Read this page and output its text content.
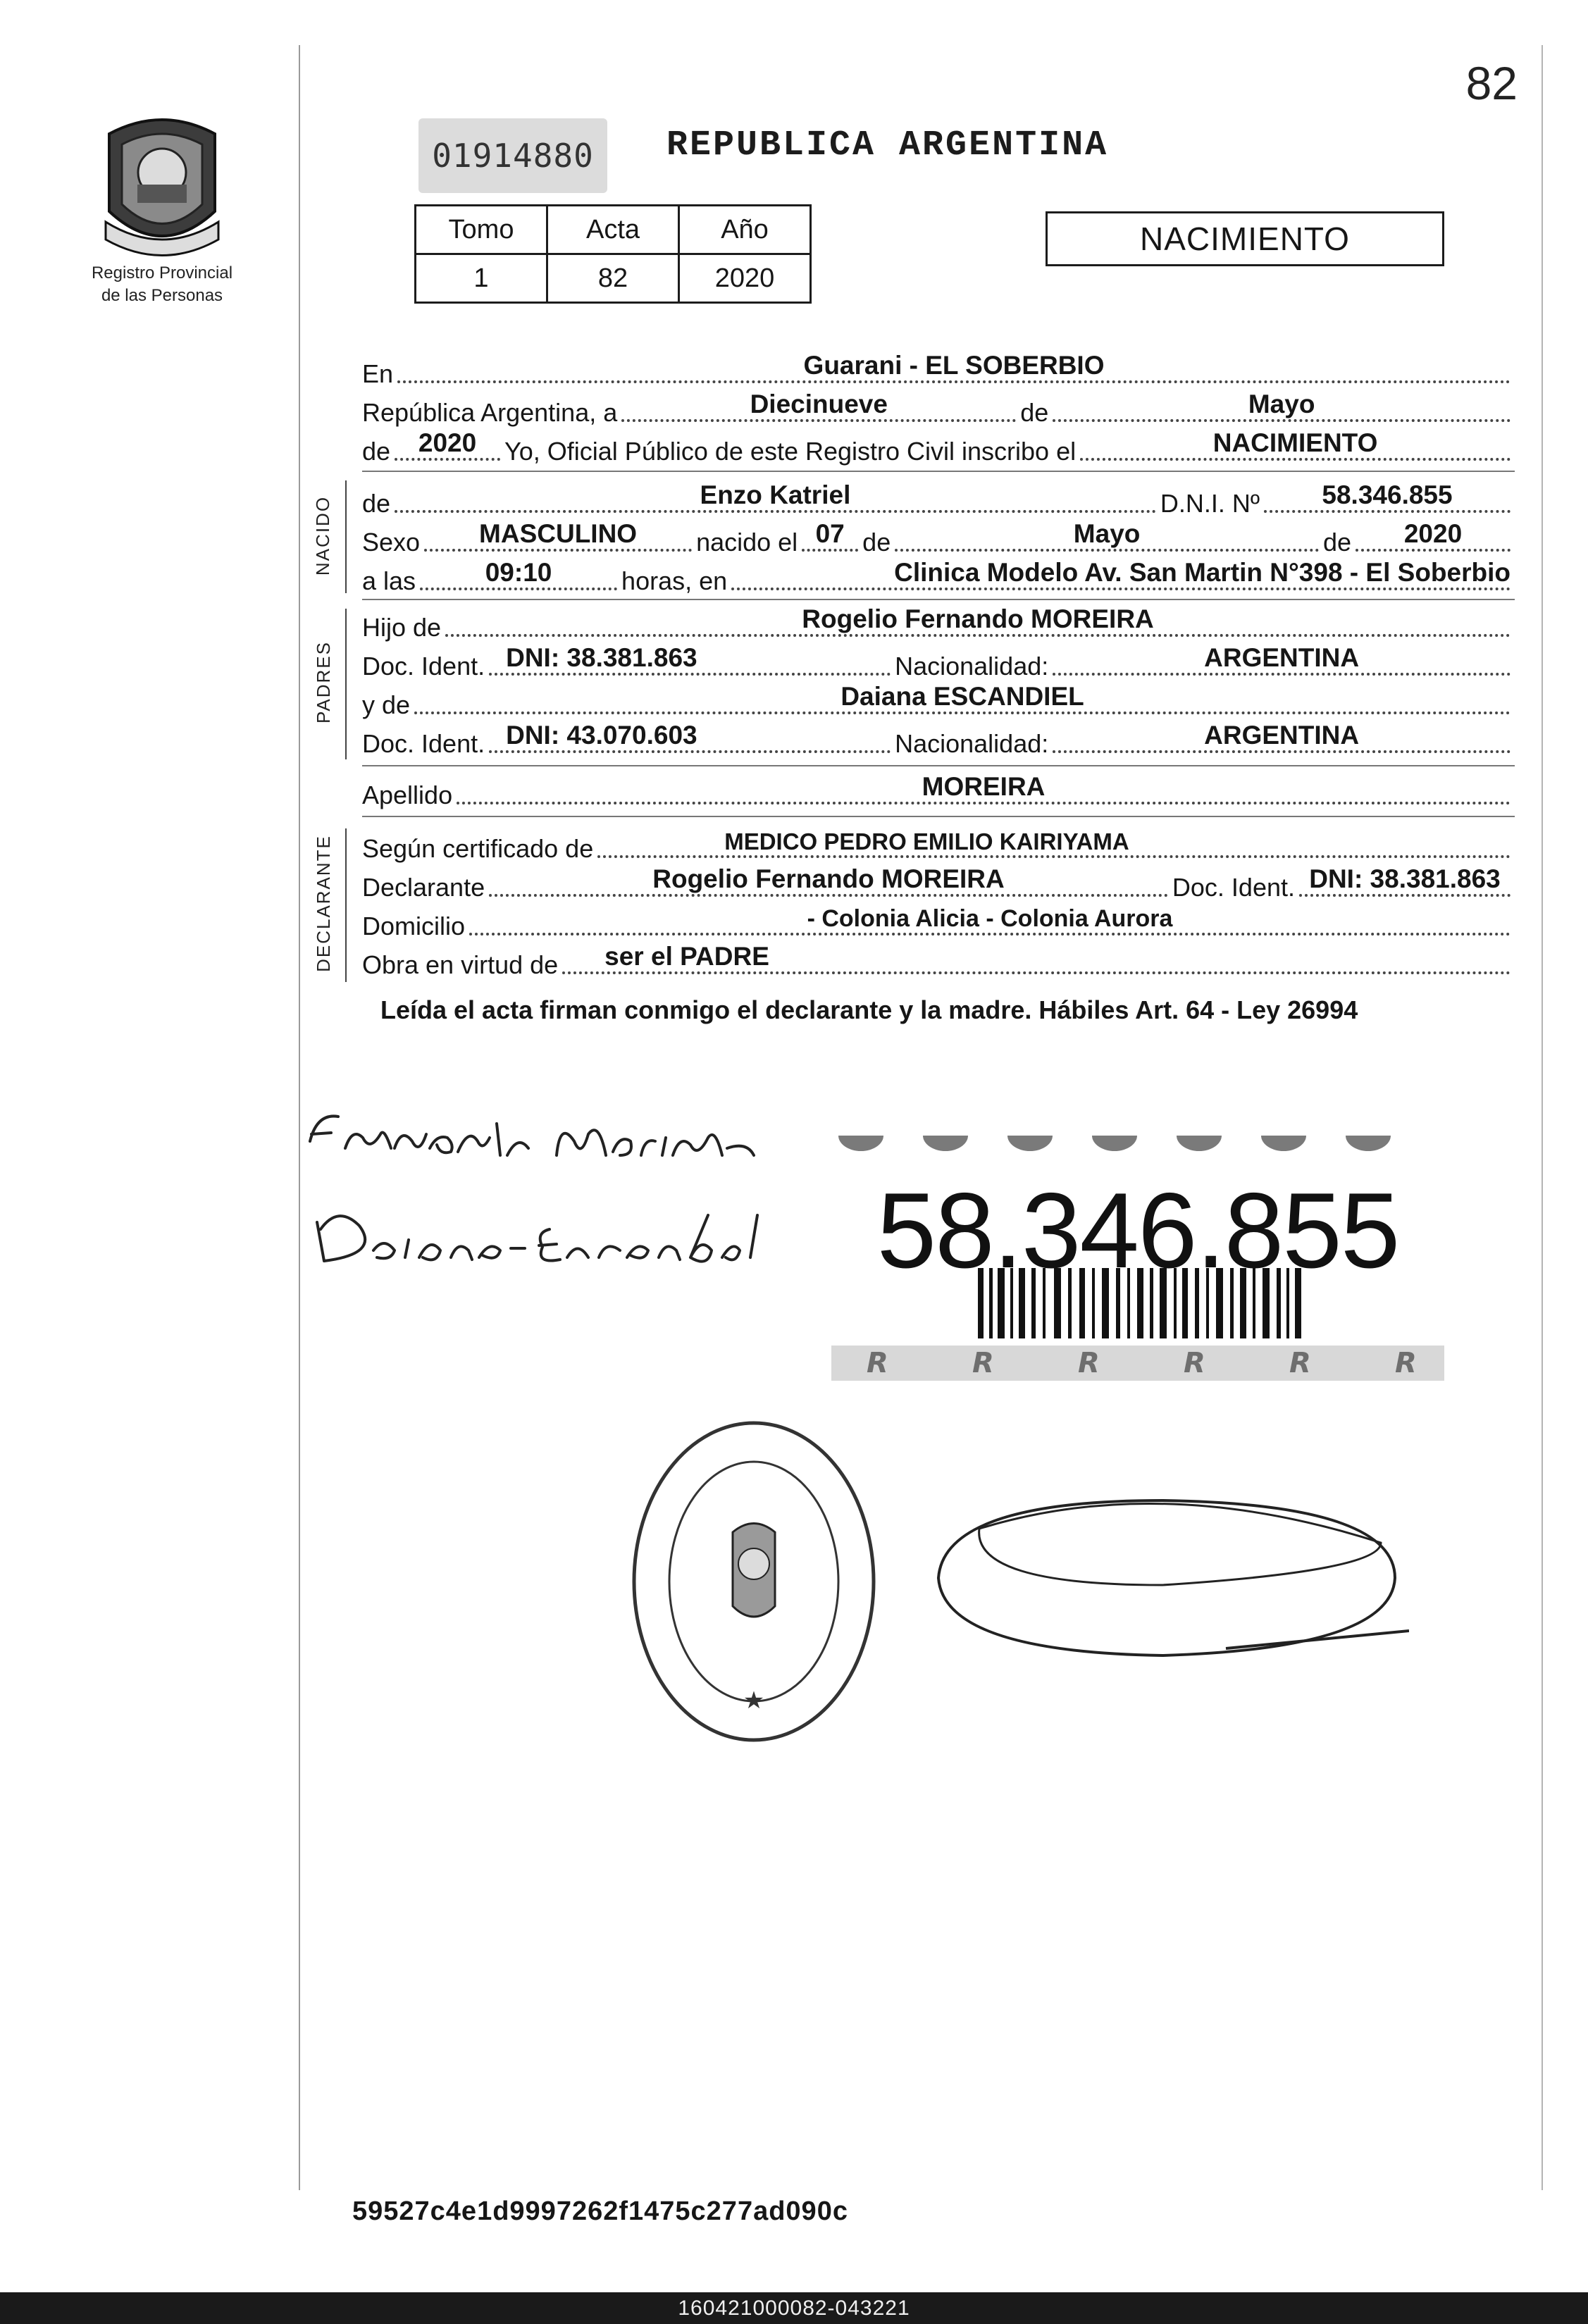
Registro Provincial
de las Personas
82
01914880	REPUBLICA ARGENTINA
Tomo	Acta	Año
1	82	2020
NACIMIENTO
En	Guarani - EL SOBERBIO
República Argentina, a	Diecinueve	de	Mayo
de	2020	Yo, Oficial Público de este Registro Civil inscribo el	NACIMIENTO
NACIDO de	Enzo Katriel	D.N.I. Nº	58.346.855
Sexo	MASCULINO	nacido el 07 de	Mayo	de	2020
a las	09:10	horas, en	Clinica Modelo Av. San Martin N°398 - El Soberbio
PADRES
Hijo de	Rogelio Fernando MOREIRA
Doc. Ident. DNI: 38.381.863	Nacionalidad:	ARGENTINA
y de	Daiana ESCANDIEL
Doc. Ident. DNI: 43.070.603	Nacionalidad:	ARGENTINA
Apellido	MOREIRA
DECLARANTE Según certificado de	MEDICO PEDRO EMILIO KAIRIYAMA
Declarante	Rogelio Fernando MOREIRA	Doc. Ident. DNI: 38.381.863
Domicilio	- Colonia Alicia - Colonia Aurora
Obra en virtud de ser el PADRE
Leída el acta firman conmigo el declarante y la madre. Hábiles Art. 64 - Ley 26994
R	R	R	R	R	R
58.346.855
★
59527c4e1d9997262f1475c277ad090c
160421000082-043221
